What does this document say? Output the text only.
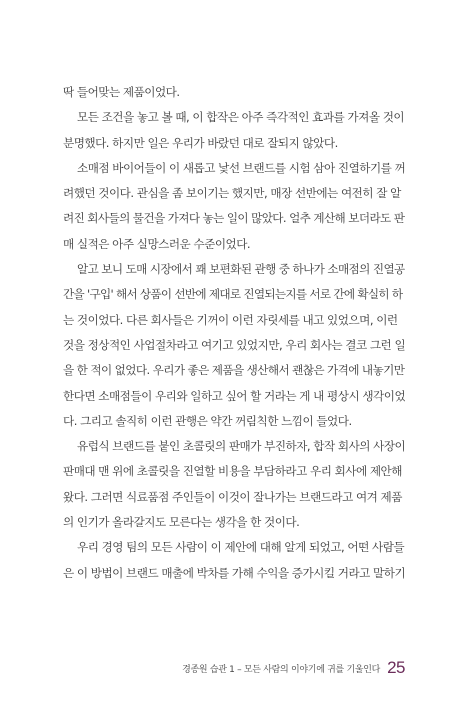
딱 들어맞는 제품이었다.
모든 조건을 놓고 볼 때, 이 합작은 아주 즉각적인 효과를 가져올 것이
분명했다. 하지만 일은 우리가 바랐던 대로 잘되지 않았다.
소매점 바이어들이 이 새롭고 낯선 브랜드를 시험 삼아 진열하기를 꺼
려했던 것이다. 관심을 좀 보이기는 했지만, 매장 선반에는 여전히 잘 알
려진 회사들의 물건을 가져다 놓는 일이 많았다. 얼추 계산해 보더라도 판
매 실적은 아주 실망스러운 수준이었다.
알고 보니 도매 시장에서 꽤 보편화된 관행 중 하나가 소매점의 진열공
간을 '구입' 해서 상품이 선반에 제대로 진열되는지를 서로 간에 확실히 하
는 것이었다. 다른 회사들은 기꺼이 이런 자릿세를 내고 있었으며, 이런
것을 정상적인 사업절차라고 여기고 있었지만, 우리 회사는 결코 그런 일
을 한 적이 없었다. 우리가 좋은 제품을 생산해서 괜찮은 가격에 내놓기만
한다면 소매점들이 우리와 일하고 싶어 할 거라는 게 내 평상시 생각이었
다. 그리고 솔직히 이런 관행은 약간 꺼림칙한 느낌이 들었다.
유럽식 브랜드를 붙인 초콜릿의 판매가 부진하자, 합작 회사의 사장이
판매대 맨 위에 초콜릿을 진열할 비용을 부담하라고 우리 회사에 제안해
왔다. 그러면 식료품점 주인들이 이것이 잘나가는 브랜드라고 여겨 제품
의 인기가 올라갈지도 모른다는 생각을 한 것이다.
우리 경영 팀의 모든 사람이 이 제안에 대해 알게 되었고, 어떤 사람들
은 이 방법이 브랜드 매출에 박차를 가해 수익을 증가시킬 거라고 말하기
경종원 습관 1 – 모든 사람의 이야기에 귀를 기울인다 25
